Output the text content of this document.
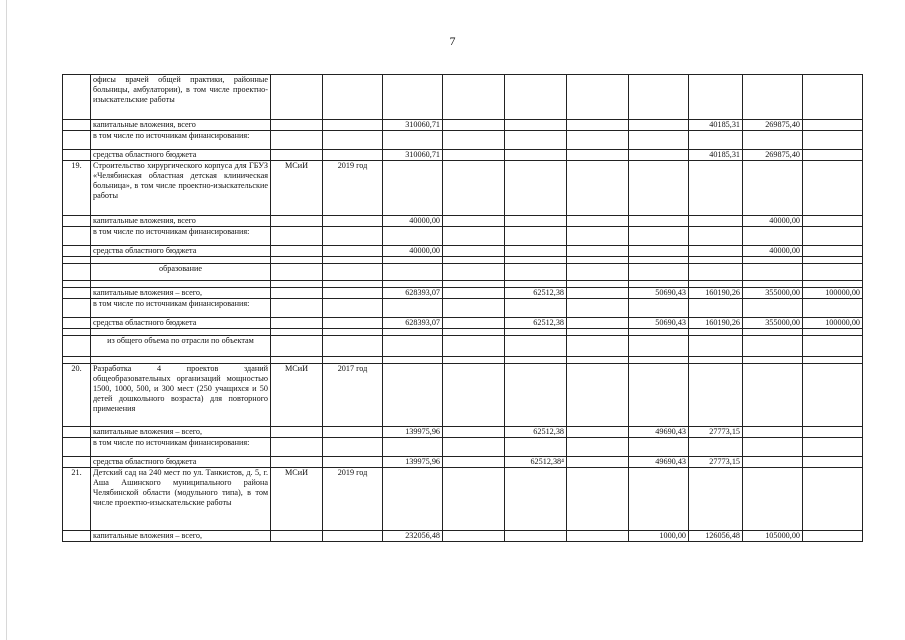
7
	офисы врачей общей практики, районные больницы, амбулатории), в том числе проектно-изыскательские работы										
	капитальные вложения, всего			310060,71					40185,31	269875,40	
	в том числе по источникам финансирования:										
	средства областного бюджета			310060,71					40185,31	269875,40	
19.	Строительство хирургического корпуса для ГБУЗ «Челябинская областная детская клиническая больница», в том числе проектно-изыскательские работы	МСиИ	2019 год								
	капитальные вложения, всего			40000,00						40000,00	
	в том числе по источникам финансирования:										
	средства областного бюджета			40000,00						40000,00	

	образование										

	капитальные вложения – всего,			628393,07		62512,38		50690,43	160190,26	355000,00	100000,00
	в том числе по источникам финансирования:										
	средства областного бюджета			628393,07		62512,38		50690,43	160190,26	355000,00	100000,00

	из общего объема по отрасли по объектам										

20.	Разработка 4 проектов зданий общеобразовательных организаций мощностью 1500, 1000, 500, и 300 мест (250 учащихся и 50 детей дошкольного возраста) для повторного применения	МСиИ	2017 год								
	капитальные вложения – всего,			139975,96		62512,38		49690,43	27773,15		
	в том числе по источникам финансирования:										
	средства областного бюджета			139975,96		62512,38⁴		49690,43	27773,15		
21.	Детский сад на 240 мест по ул. Танкистов, д. 5, г. Аша Ашинского муниципального района Челябинской области (модульного типа), в том числе проектно-изыскательские работы	МСиИ	2019 год								
	капитальные вложения – всего,			232056,48				1000,00	126056,48	105000,00	
